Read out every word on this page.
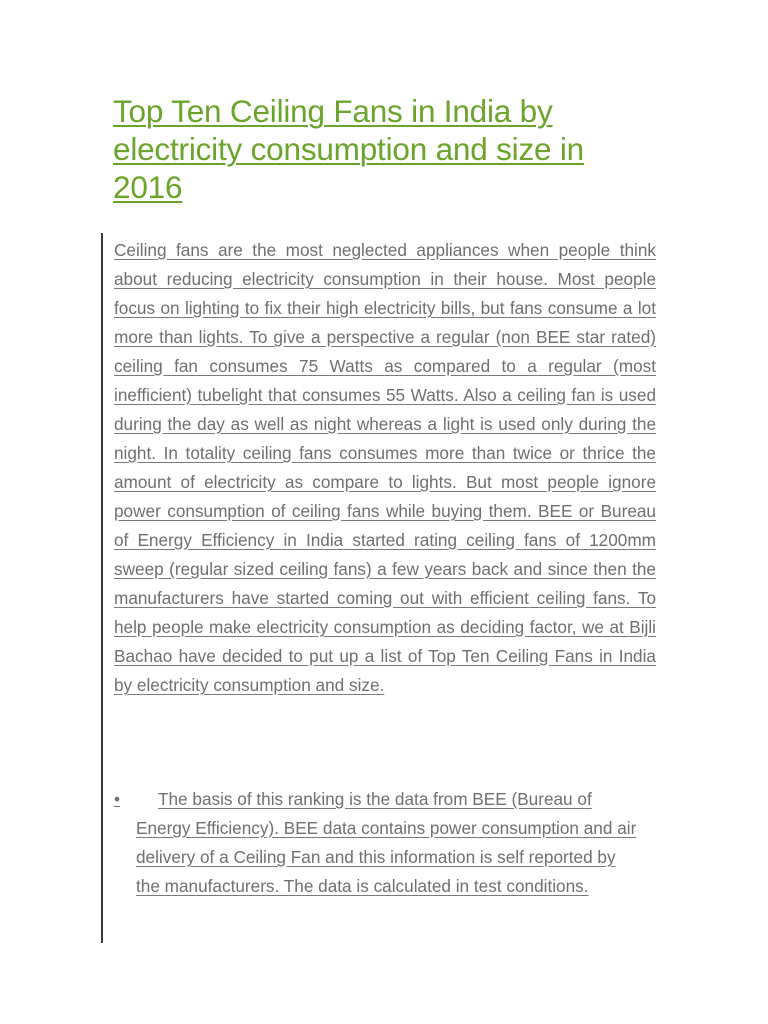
Top Ten Ceiling Fans in India by electricity consumption and size in 2016

Ceiling fans are the most neglected appliances when people think about reducing electricity consumption in their house. Most people focus on lighting to fix their high electricity bills, but fans consume a lot more than lights. To give a perspective a regular (non BEE star rated) ceiling fan consumes 75 Watts as compared to a regular (most inefficient) tubelight that consumes 55 Watts. Also a ceiling fan is used during the day as well as night whereas a light is used only during the night. In totality ceiling fans consumes more than twice or thrice the amount of electricity as compare to lights. But most people ignore power consumption of ceiling fans while buying them. BEE or Bureau of Energy Efficiency in India started rating ceiling fans of 1200mm sweep (regular sized ceiling fans) a few years back and since then the manufacturers have started coming out with efficient ceiling fans. To help people make electricity consumption as deciding factor, we at Bijli Bachao have decided to put up a list of Top Ten Ceiling Fans in India by electricity consumption and size.

•	The basis of this ranking is the data from BEE (Bureau of Energy Efficiency). BEE data contains power consumption and air delivery of a Ceiling Fan and this information is self reported by the manufacturers. The data is calculated in test conditions.
